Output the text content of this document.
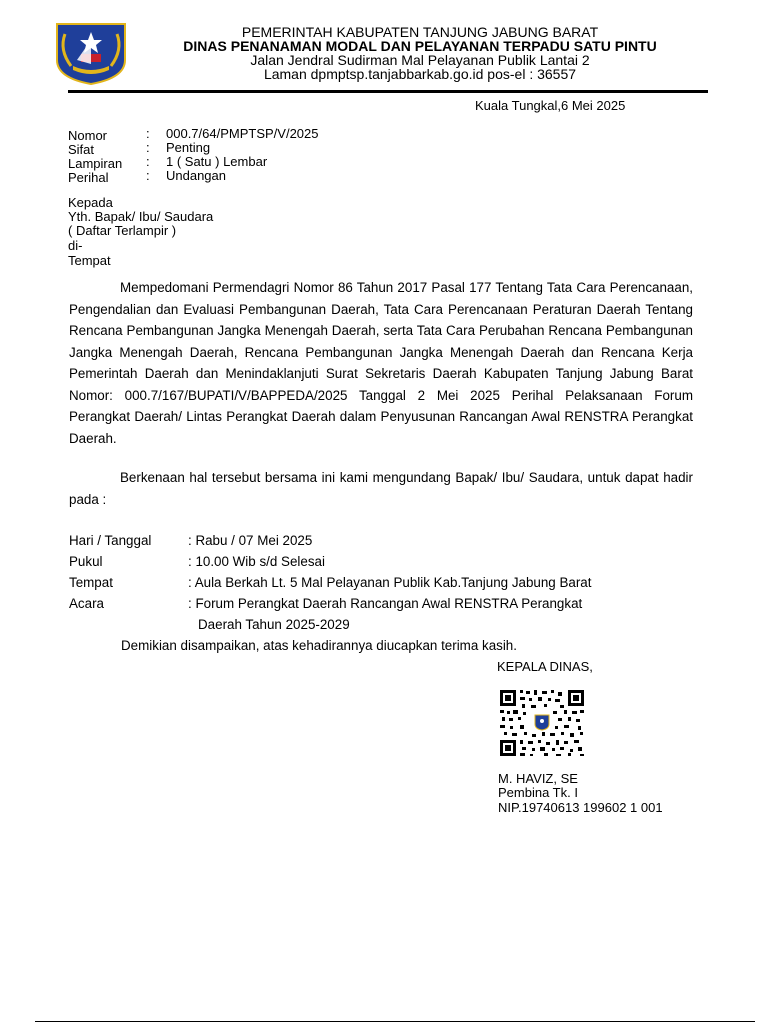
PEMERINTAH KABUPATEN TANJUNG JABUNG BARAT
DINAS PENANAMAN MODAL DAN PELAYANAN TERPADU SATU PINTU
Jalan Jendral Sudirman Mal Pelayanan Publik Lantai 2
Laman dpmptsp.tanjabbarkab.go.id pos-el : 36557
Kuala Tungkal,6 Mei 2025
Nomor	: 000.7/64/PMPTSP/V/2025
Sifat	: Penting
Lampiran : 1 ( Satu ) Lembar
Perihal	: Undangan
Kepada
Yth. Bapak/ Ibu/ Saudara
( Daftar Terlampir )
di-
Tempat
Mempedomani Permendagri Nomor 86 Tahun 2017 Pasal 177 Tentang Tata Cara Perencanaan, Pengendalian dan Evaluasi Pembangunan Daerah, Tata Cara Perencanaan Peraturan Daerah Tentang Rencana Pembangunan Jangka Menengah Daerah, serta Tata Cara Perubahan Rencana Pembangunan Jangka Menengah Daerah, Rencana Pembangunan Jangka Menengah Daerah dan Rencana Kerja Pemerintah Daerah dan Menindaklanjuti Surat Sekretaris Daerah Kabupaten Tanjung Jabung Barat Nomor: 000.7/167/BUPATI/V/BAPPEDA/2025 Tanggal 2 Mei 2025 Perihal Pelaksanaan Forum Perangkat Daerah/ Lintas Perangkat Daerah dalam Penyusunan Rancangan Awal RENSTRA Perangkat Daerah.
Berkenaan hal tersebut bersama ini kami mengundang Bapak/ Ibu/ Saudara, untuk dapat hadir pada :
Hari / Tanggal	: Rabu / 07 Mei 2025
Pukul	: 10.00 Wib s/d Selesai
Tempat	: Aula Berkah Lt. 5 Mal Pelayanan Publik Kab.Tanjung Jabung Barat
Acara	: Forum Perangkat Daerah Rancangan Awal RENSTRA Perangkat
Daerah Tahun 2025-2029
Demikian disampaikan, atas kehadirannya diucapkan terima kasih.
KEPALA DINAS,
M. HAVIZ, SE
Pembina Tk. I
NIP.19740613 199602 1 001
